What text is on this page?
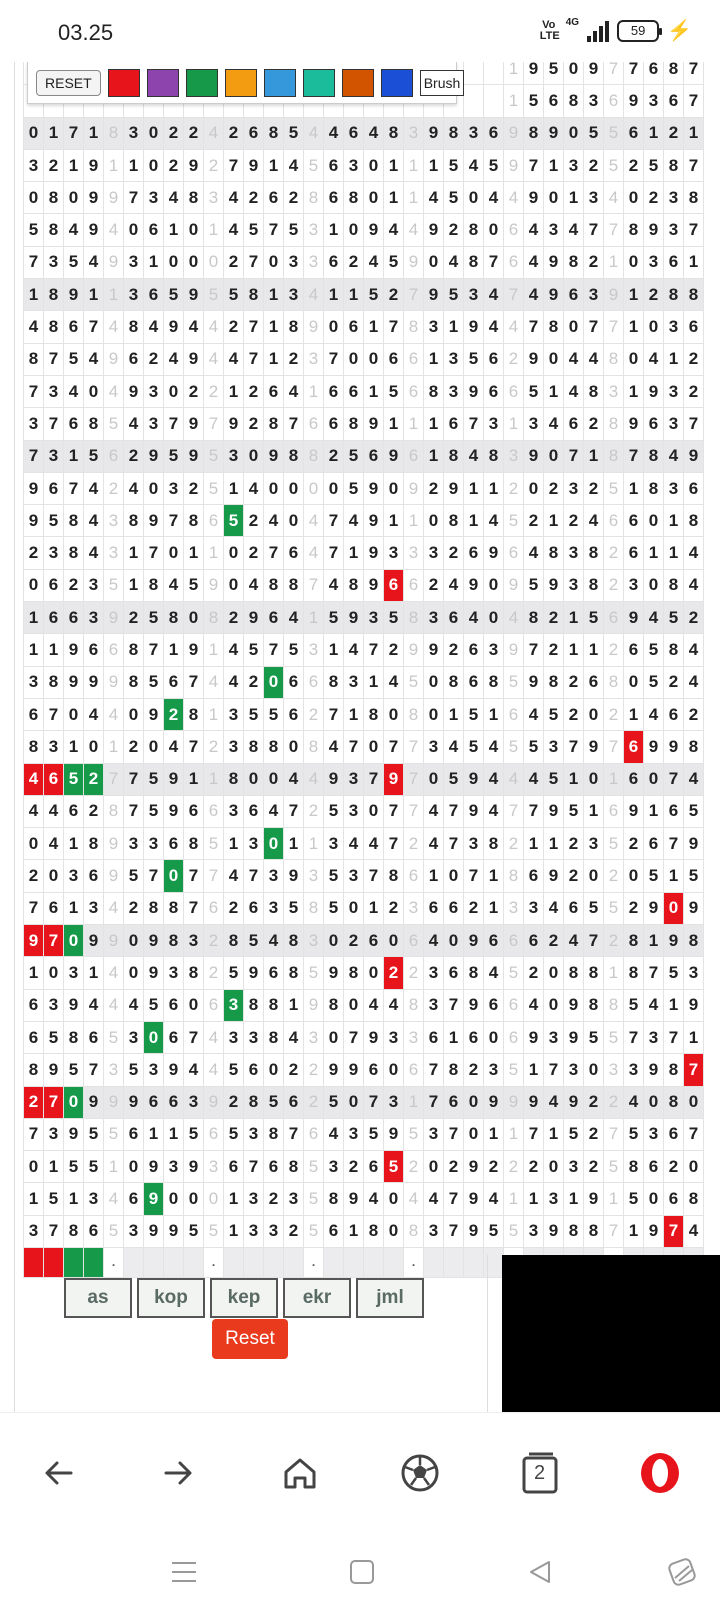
03.25	Vo LTE
4G
59 ⚡
																								1	9	5	0	9	7	7	6	8	7
																								1	5	6	8	3	6	9	3	6	7
0	1	7	1	8	3	0	2	2	4	2	6	8	5	4	4	6	4	8	3	9	8	3	6	9	8	9	0	5	5	6	1	2	1
3	2	1	9	1	1	0	2	9	2	7	9	1	4	5	6	3	0	1	1	1	5	4	5	9	7	1	3	2	5	2	5	8	7
0	8	0	9	9	7	3	4	8	3	4	2	6	2	8	6	8	0	1	1	4	5	0	4	4	9	0	1	3	4	0	2	3	8
5	8	4	9	4	0	6	1	0	1	4	5	7	5	3	1	0	9	4	4	9	2	8	0	6	4	3	4	7	7	8	9	3	7
7	3	5	4	9	3	1	0	0	0	2	7	0	3	3	6	2	4	5	9	0	4	8	7	6	4	9	8	2	1	0	3	6	1
1	8	9	1	1	3	6	5	9	5	5	8	1	3	4	1	1	5	2	7	9	5	3	4	7	4	9	6	3	9	1	2	8	8
4	8	6	7	4	8	4	9	4	4	2	7	1	8	9	0	6	1	7	8	3	1	9	4	4	7	8	0	7	7	1	0	3	6
8	7	5	4	9	6	2	4	9	4	4	7	1	2	3	7	0	0	6	6	1	3	5	6	2	9	0	4	4	8	0	4	1	2
7	3	4	0	4	9	3	0	2	2	1	2	6	4	1	6	6	1	5	6	8	3	9	6	6	5	1	4	8	3	1	9	3	2
3	7	6	8	5	4	3	7	9	7	9	2	8	7	6	6	8	9	1	1	1	6	7	3	1	3	4	6	2	8	9	6	3	7
7	3	1	5	6	2	9	5	9	5	3	0	9	8	8	2	5	6	9	6	1	8	4	8	3	9	0	7	1	8	7	8	4	9
9	6	7	4	2	4	0	3	2	5	1	4	0	0	0	0	5	9	0	9	2	9	1	1	2	0	2	3	2	5	1	8	3	6
9	5	8	4	3	8	9	7	8	6	5	2	4	0	4	7	4	9	1	1	0	8	1	4	5	2	1	2	4	6	6	0	1	8
2	3	8	4	3	1	7	0	1	1	0	2	7	6	4	7	1	9	3	3	3	2	6	9	6	4	8	3	8	2	6	1	1	4
0	6	2	3	5	1	8	4	5	9	0	4	8	8	7	4	8	9	6	6	2	4	9	0	9	5	9	3	8	2	3	0	8	4
1	6	6	3	9	2	5	8	0	8	2	9	6	4	1	5	9	3	5	8	3	6	4	0	4	8	2	1	5	6	9	4	5	2
1	1	9	6	6	8	7	1	9	1	4	5	7	5	3	1	4	7	2	9	9	2	6	3	9	7	2	1	1	2	6	5	8	4
3	8	9	9	9	8	5	6	7	4	4	2	0	6	6	8	3	1	4	5	0	8	6	8	5	9	8	2	6	8	0	5	2	4
6	7	0	4	4	0	9	2	8	1	3	5	5	6	2	7	1	8	0	8	0	1	5	1	6	4	5	2	0	2	1	4	6	2
8	3	1	0	1	2	0	4	7	2	3	8	8	0	8	4	7	0	7	7	3	4	5	4	5	5	3	7	9	7	6	9	9	8
4	6	5	2	7	7	5	9	1	1	8	0	0	4	4	9	3	7	9	7	0	5	9	4	4	4	5	1	0	1	6	0	7	4
4	4	6	2	8	7	5	9	6	6	3	6	4	7	2	5	3	0	7	7	4	7	9	4	7	7	9	5	1	6	9	1	6	5
0	4	1	8	9	3	3	6	8	5	1	3	0	1	1	3	4	4	7	2	4	7	3	8	2	1	1	2	3	5	2	6	7	9
2	0	3	6	9	5	7	0	7	7	4	7	3	9	3	5	3	7	8	6	1	0	7	1	8	6	9	2	0	2	0	5	1	5
7	6	1	3	4	2	8	8	7	6	2	6	3	5	8	5	0	1	2	3	6	6	2	1	3	3	4	6	5	5	2	9	0	9
9	7	0	9	9	0	9	8	3	2	8	5	4	8	3	0	2	6	0	6	4	0	9	6	6	6	2	4	7	2	8	1	9	8
1	0	3	1	4	0	9	3	8	2	5	9	6	8	5	9	8	0	2	2	3	6	8	4	5	2	0	8	8	1	8	7	5	3
6	3	9	4	4	4	5	6	0	6	3	8	8	1	9	8	0	4	4	8	3	7	9	6	6	4	0	9	8	8	5	4	1	9
6	5	8	6	5	3	0	6	7	4	3	3	8	4	3	0	7	9	3	3	6	1	6	0	6	9	3	9	5	5	7	3	7	1
8	9	5	7	3	5	3	9	4	4	5	6	0	2	2	9	9	6	0	6	7	8	2	3	5	1	7	3	0	3	3	9	8	7
2	7	0	9	9	9	6	6	3	9	2	8	5	6	2	5	0	7	3	1	7	6	0	9	9	9	4	9	2	2	4	0	8	0
7	3	9	5	5	6	1	1	5	6	5	3	8	7	6	4	3	5	9	5	3	7	0	1	1	7	1	5	2	7	5	3	6	7
0	1	5	5	1	0	9	3	9	3	6	7	6	8	5	3	2	6	5	2	0	2	9	2	2	2	0	3	2	5	8	6	2	0
1	5	1	3	4	6	9	0	0	0	1	3	2	3	5	8	9	4	0	4	4	7	9	4	1	1	3	1	9	1	5	0	6	8
3	7	8	6	5	3	9	9	5	5	1	3	3	2	5	6	1	8	0	8	3	7	9	5	5	3	9	8	8	7	1	9	7	4
				.					.					.					.														
RESET	Brush
as	kop	kep	ekr	jml
Reset
2
